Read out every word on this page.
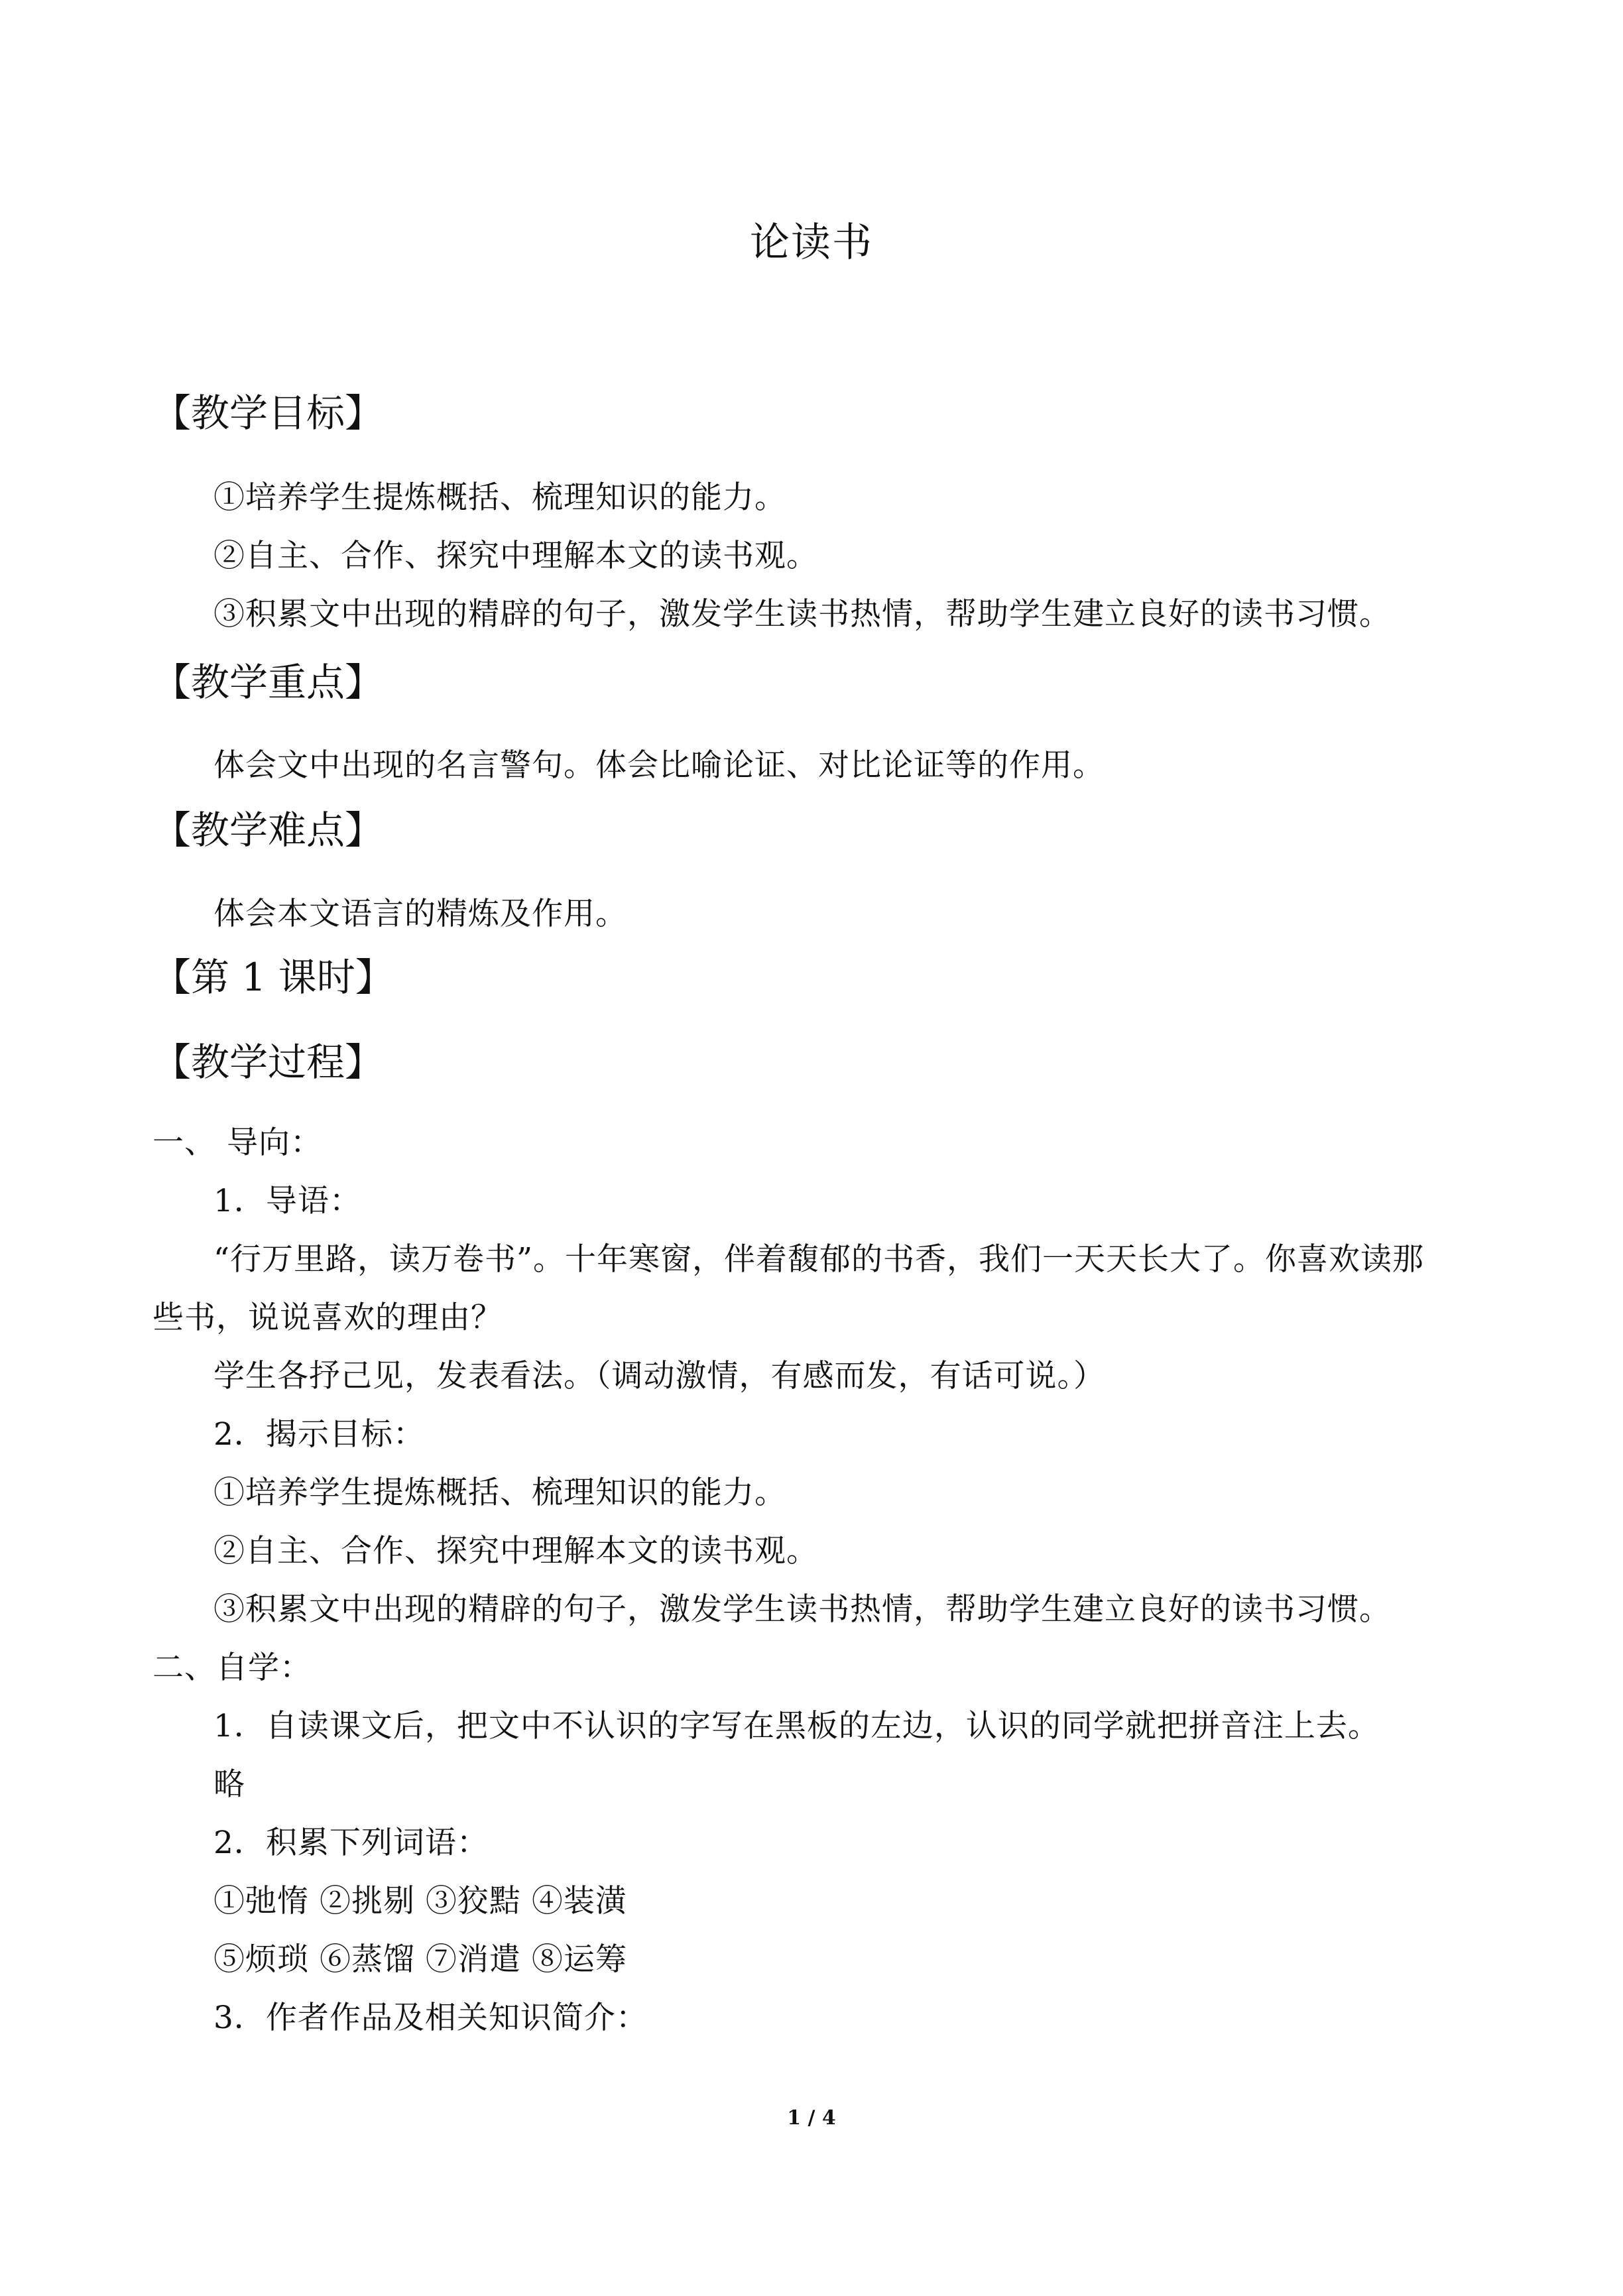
论读书
【教学目标】
①培养学生提炼概括、梳理知识的能力。
②自主、合作、探究中理解本文的读书观。
③积累文中出现的精辟的句子，激发学生读书热情，帮助学生建立良好的读书习惯。
【教学重点】
体会文中出现的名言警句。体会比喻论证、对比论证等的作用。
【教学难点】
体会本文语言的精炼及作用。
【第 1 课时】
【教学过程】
一、 导向：
1．导语：
“行万里路，读万卷书”。十年寒窗，伴着馥郁的书香，我们一天天长大了。你喜欢读那
些书，说说喜欢的理由？
学生各抒己见，发表看法。（调动激情，有感而发，有话可说。）
2．揭示目标：
①培养学生提炼概括、梳理知识的能力。
②自主、合作、探究中理解本文的读书观。
③积累文中出现的精辟的句子，激发学生读书热情，帮助学生建立良好的读书习惯。
二、自学：
1．自读课文后，把文中不认识的字写在黑板的左边，认识的同学就把拼音注上去。
略
2．积累下列词语：
①弛惰 ②挑剔 ③狡黠 ④装潢
⑤烦琐 ⑥蒸馏 ⑦消遣 ⑧运筹
3．作者作品及相关知识简介：
1 / 4
